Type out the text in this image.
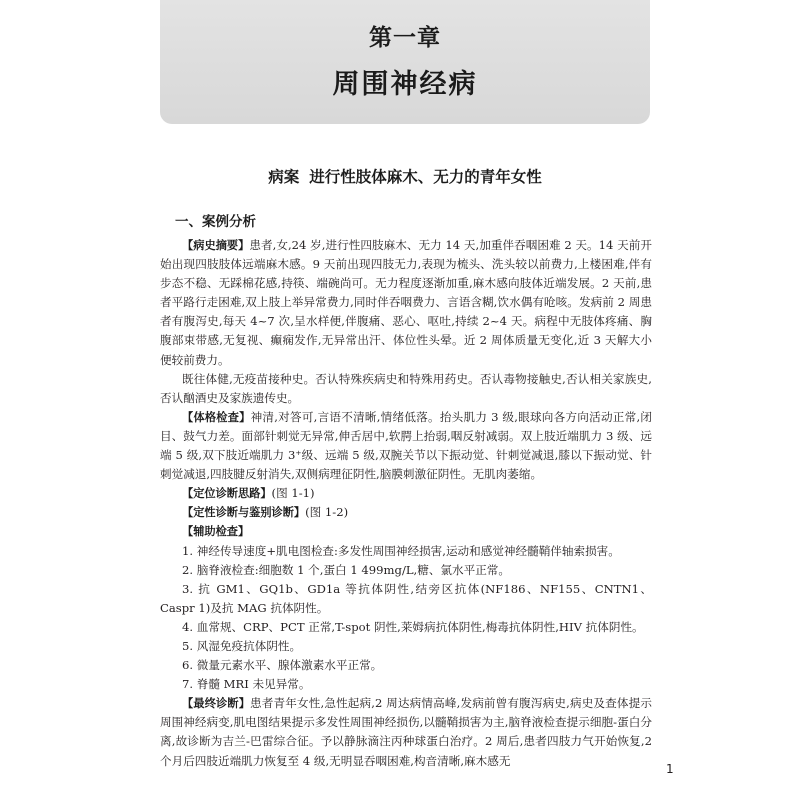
第一章
周围神经病
病案 进行性肢体麻木、无力的青年女性
一、案例分析

【病史摘要】患者,女,24 岁,进行性四肢麻木、无力 14 天,加重伴吞咽困难 2 天。14 天前开始出现四肢肢体远端麻木感。9 天前出现四肢无力,表现为梳头、洗头较以前费力,上楼困难,伴有步态不稳、无踩棉花感,持筷、端碗尚可。无力程度逐渐加重,麻木感向肢体近端发展。2 天前,患者平路行走困难,双上肢上举异常费力,同时伴吞咽费力、言语含糊,饮水偶有呛咳。发病前 2 周患者有腹泻史,每天 4~7 次,呈水样便,伴腹痛、恶心、呕吐,持续 2~4 天。病程中无肢体疼痛、胸腹部束带感,无复视、癫痫发作,无异常出汗、体位性头晕。近 2 周体质量无变化,近 3 天解大小便较前费力。

既往体健,无疫苗接种史。否认特殊疾病史和特殊用药史。否认毒物接触史,否认相关家族史,否认酗酒史及家族遗传史。

【体格检查】神清,对答可,言语不清晰,情绪低落。抬头肌力 3 级,眼球向各方向活动正常,闭目、鼓气力差。面部针刺觉无异常,伸舌居中,软腭上抬弱,咽反射减弱。双上肢近端肌力 3 级、远端 5 级,双下肢近端肌力 3⁺级、远端 5 级,双腕关节以下振动觉、针刺觉减退,膝以下振动觉、针刺觉减退,四肢腱反射消失,双侧病理征阴性,脑膜刺激征阴性。无肌肉萎缩。

【定位诊断思路】(图 1-1)

【定性诊断与鉴别诊断】(图 1-2)

【辅助检查】

1. 神经传导速度+肌电图检查:多发性周围神经损害,运动和感觉神经髓鞘伴轴索损害。

2. 脑脊液检查:细胞数 1 个,蛋白 1 499mg/L,糖、氯水平正常。

3. 抗 GM1、GQ1b、GD1a 等抗体阴性,结旁区抗体(NF186、NF155、CNTN1、Caspr 1)及抗 MAG 抗体阴性。

4. 血常规、CRP、PCT 正常,T-spot 阴性,莱姆病抗体阴性,梅毒抗体阴性,HIV 抗体阴性。

5. 风湿免疫抗体阴性。

6. 微量元素水平、腺体激素水平正常。

7. 脊髓 MRI 未见异常。

【最终诊断】患者青年女性,急性起病,2 周达病情高峰,发病前曾有腹泻病史,病史及查体提示周围神经病变,肌电图结果提示多发性周围神经损伤,以髓鞘损害为主,脑脊液检查提示细胞-蛋白分离,故诊断为吉兰-巴雷综合征。予以静脉滴注丙种球蛋白治疗。2 周后,患者四肢力气开始恢复,2 个月后四肢近端肌力恢复至 4 级,无明显吞咽困难,构音清晰,麻木感无

1
